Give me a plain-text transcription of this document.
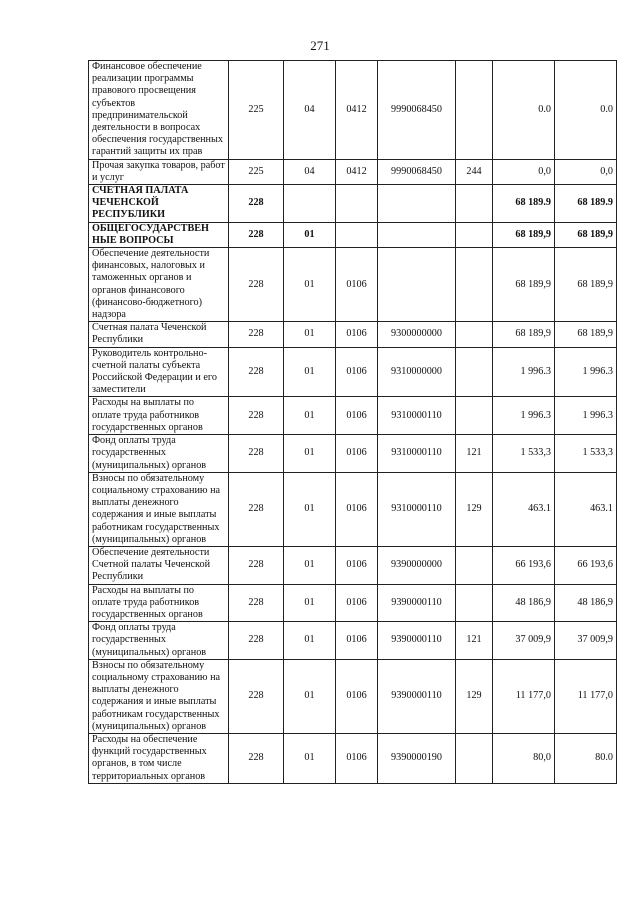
271
Финансовое обеспечение реализации программы правового просвещения субъектов предпринимательской деятельности в вопросах обеспечения государственных гарантий защиты их прав	225	04	0412	9990068450		0.0	0.0
Прочая закупка товаров, работ и услуг	225	04	0412	9990068450	244	0,0	0,0
СЧЕТНАЯ ПАЛАТА ЧЕЧЕНСКОЙ РЕСПУБЛИКИ	228					68 189.9	68 189.9
ОБЩЕГОСУДАРСТВЕН НЫЕ ВОПРОСЫ	228	01				68 189,9	68 189,9
Обеспечение деятельности финансовых, налоговых и таможенных органов и органов финансового (финансово-бюджетного) надзора	228	01	0106			68 189,9	68 189,9
Счетная палата Чеченской Республики	228	01	0106	9300000000		68 189,9	68 189,9
Руководитель контрольно-счетной палаты субъекта Российской Федерации и его заместители	228	01	0106	9310000000		1 996.3	1 996.3
Расходы на выплаты по оплате труда работников государственных органов	228	01	0106	9310000110		1 996.3	1 996.3
Фонд оплаты труда государственных (муниципальных) органов	228	01	0106	9310000110	121	1 533,3	1 533,3
Взносы по обязательному социальному страхованию на выплаты денежного содержания и иные выплаты работникам государственных (муниципальных) органов	228	01	0106	9310000110	129	463.1	463.1
Обеспечение деятельности Счетной палаты Чеченской Республики	228	01	0106	9390000000		66 193,6	66 193,6
Расходы на выплаты по оплате труда работников государственных органов	228	01	0106	9390000110		48 186,9	48 186,9
Фонд оплаты труда государственных (муниципальных) органов	228	01	0106	9390000110	121	37 009,9	37 009,9
Взносы по обязательному социальному страхованию на выплаты денежного содержания и иные выплаты работникам государственных (муниципальных) органов	228	01	0106	9390000110	129	11 177,0	11 177,0
Расходы на обеспечение функций государственных органов, в том числе территориальных органов	228	01	0106	9390000190		80,0	80.0
